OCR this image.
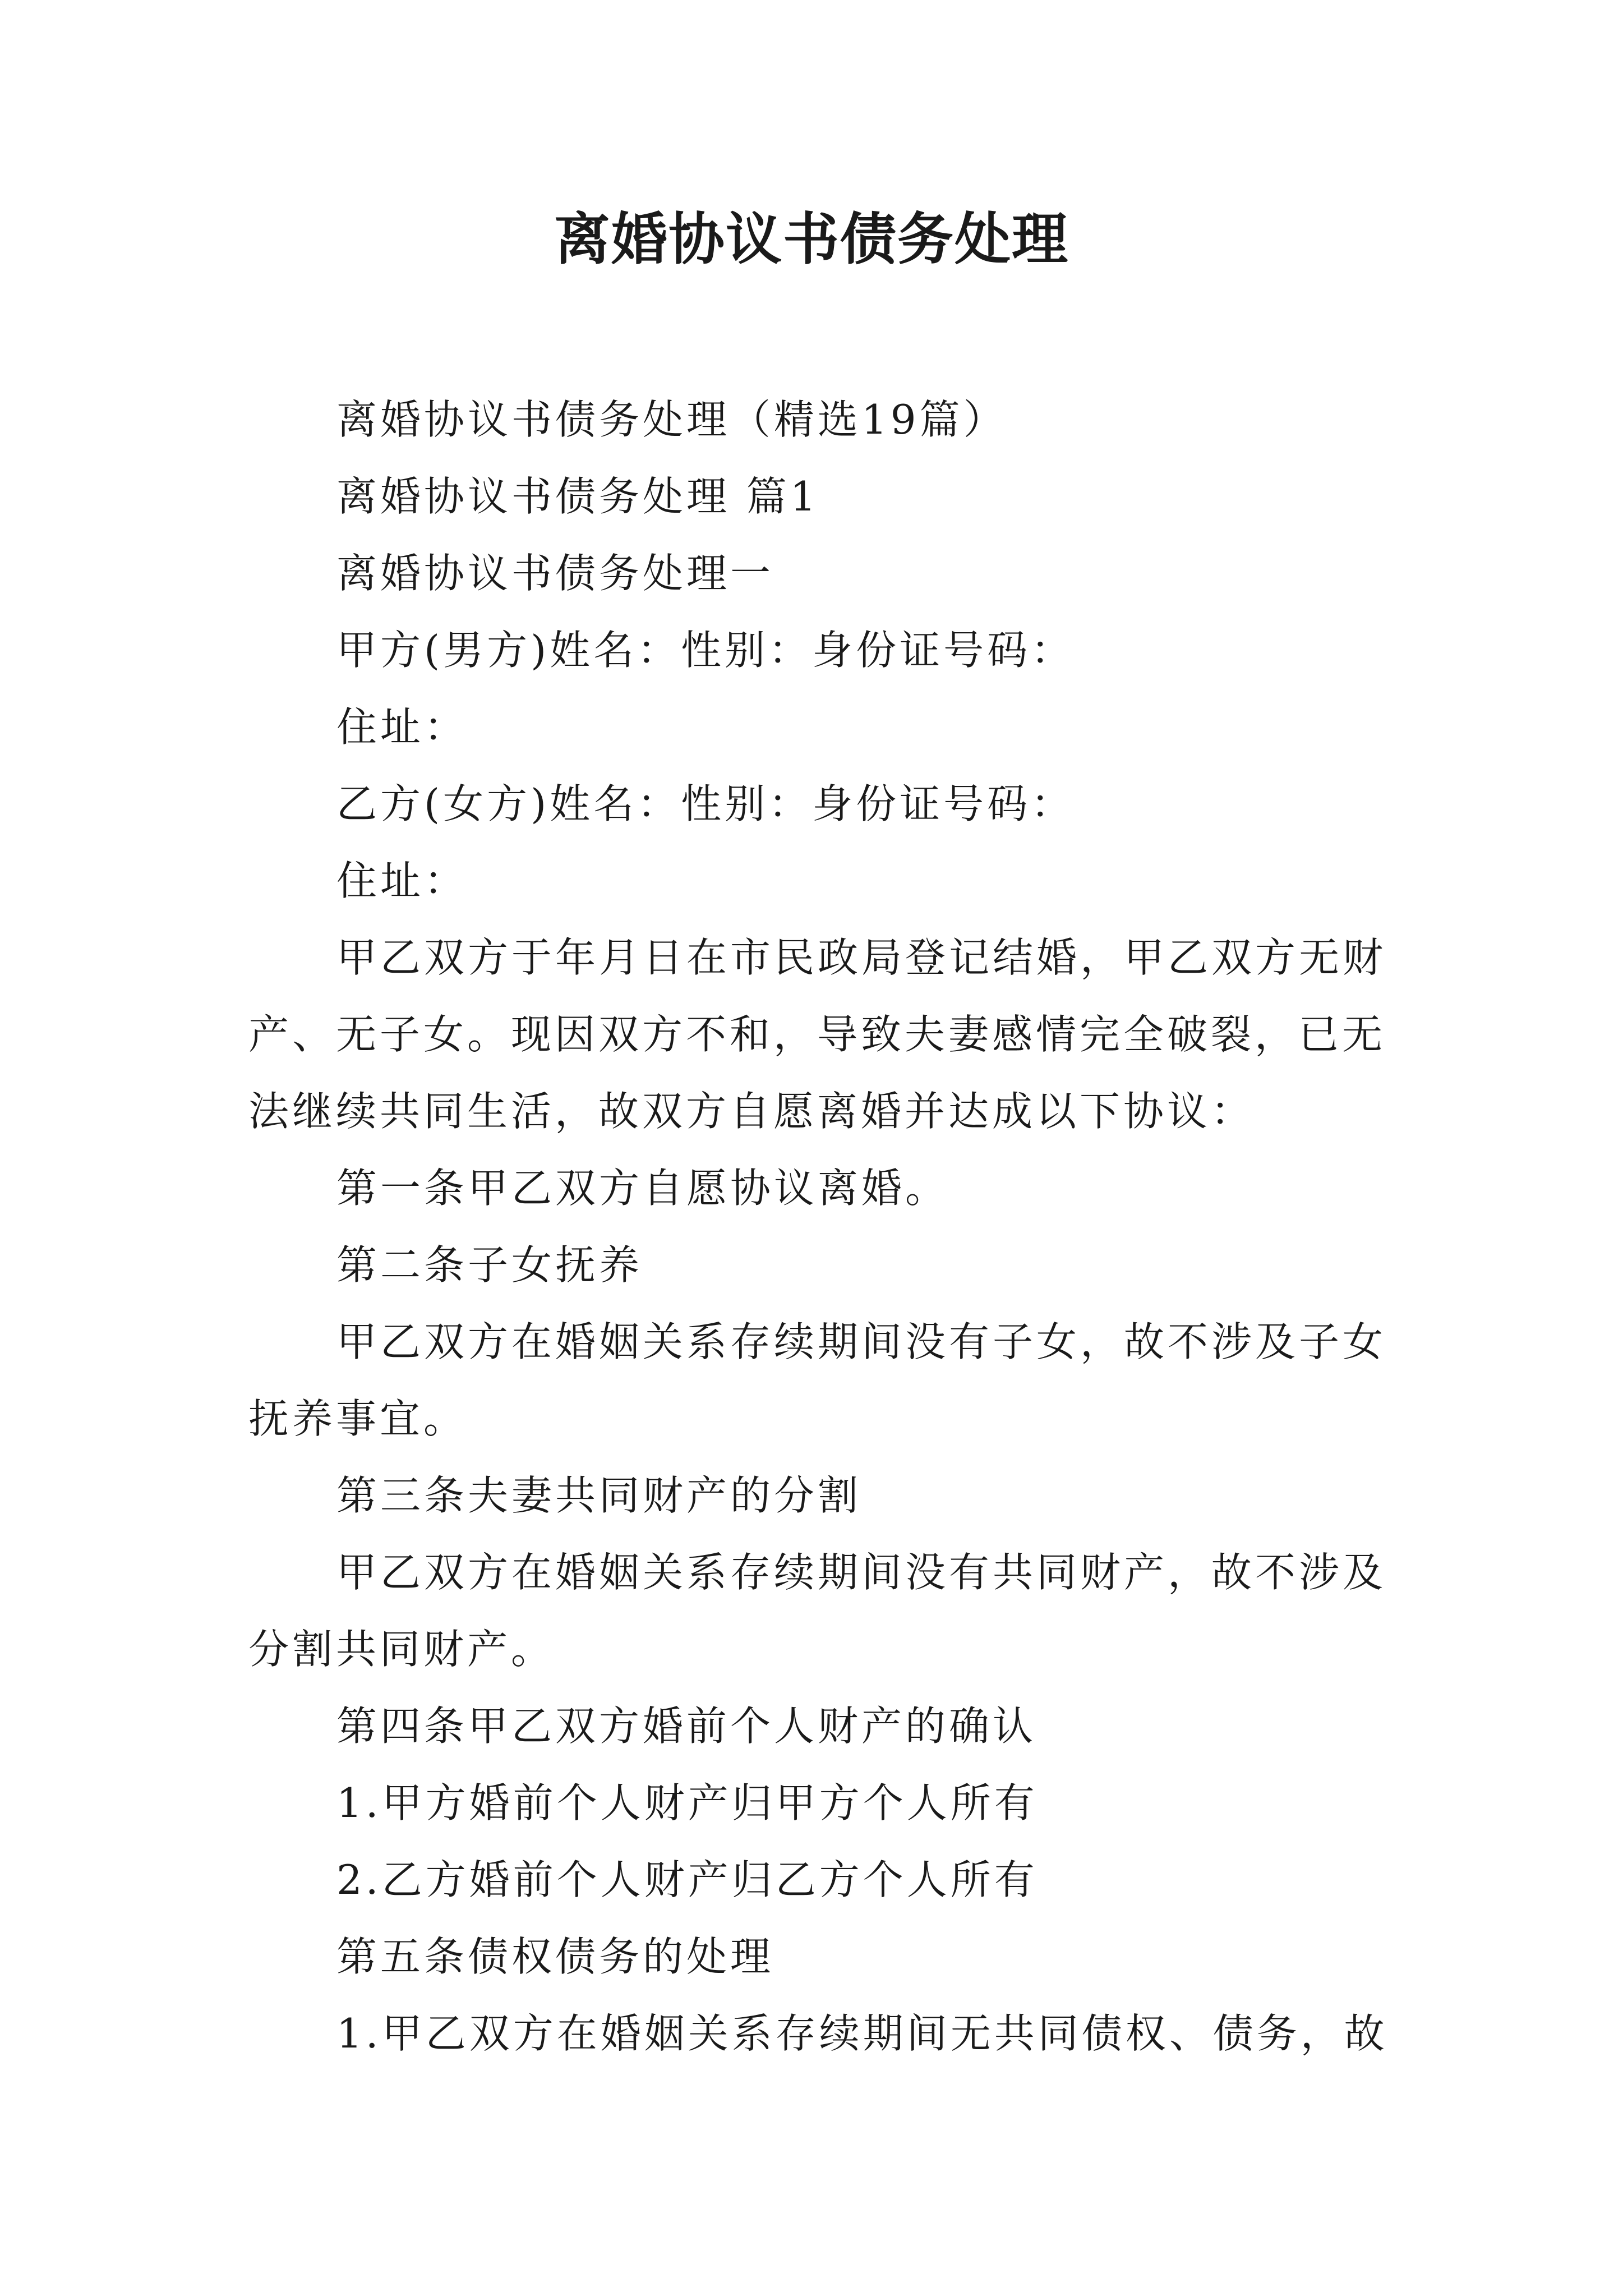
离婚协议书债务处理
离婚协议书债务处理（精选19篇）
离婚协议书债务处理 篇1
离婚协议书债务处理一
甲方(男方)姓名：性别：身份证号码：
住址：
乙方(女方)姓名：性别：身份证号码：
住址：
甲乙双方于年月日在市民政局登记结婚，甲乙双方无财
产、无子女。现因双方不和，导致夫妻感情完全破裂，已无
法继续共同生活，故双方自愿离婚并达成以下协议：
第一条甲乙双方自愿协议离婚。
第二条子女抚养
甲乙双方在婚姻关系存续期间没有子女，故不涉及子女
抚养事宜。
第三条夫妻共同财产的分割
甲乙双方在婚姻关系存续期间没有共同财产，故不涉及
分割共同财产。
第四条甲乙双方婚前个人财产的确认
1.甲方婚前个人财产归甲方个人所有
2.乙方婚前个人财产归乙方个人所有
第五条债权债务的处理
1.甲乙双方在婚姻关系存续期间无共同债权、债务，故
